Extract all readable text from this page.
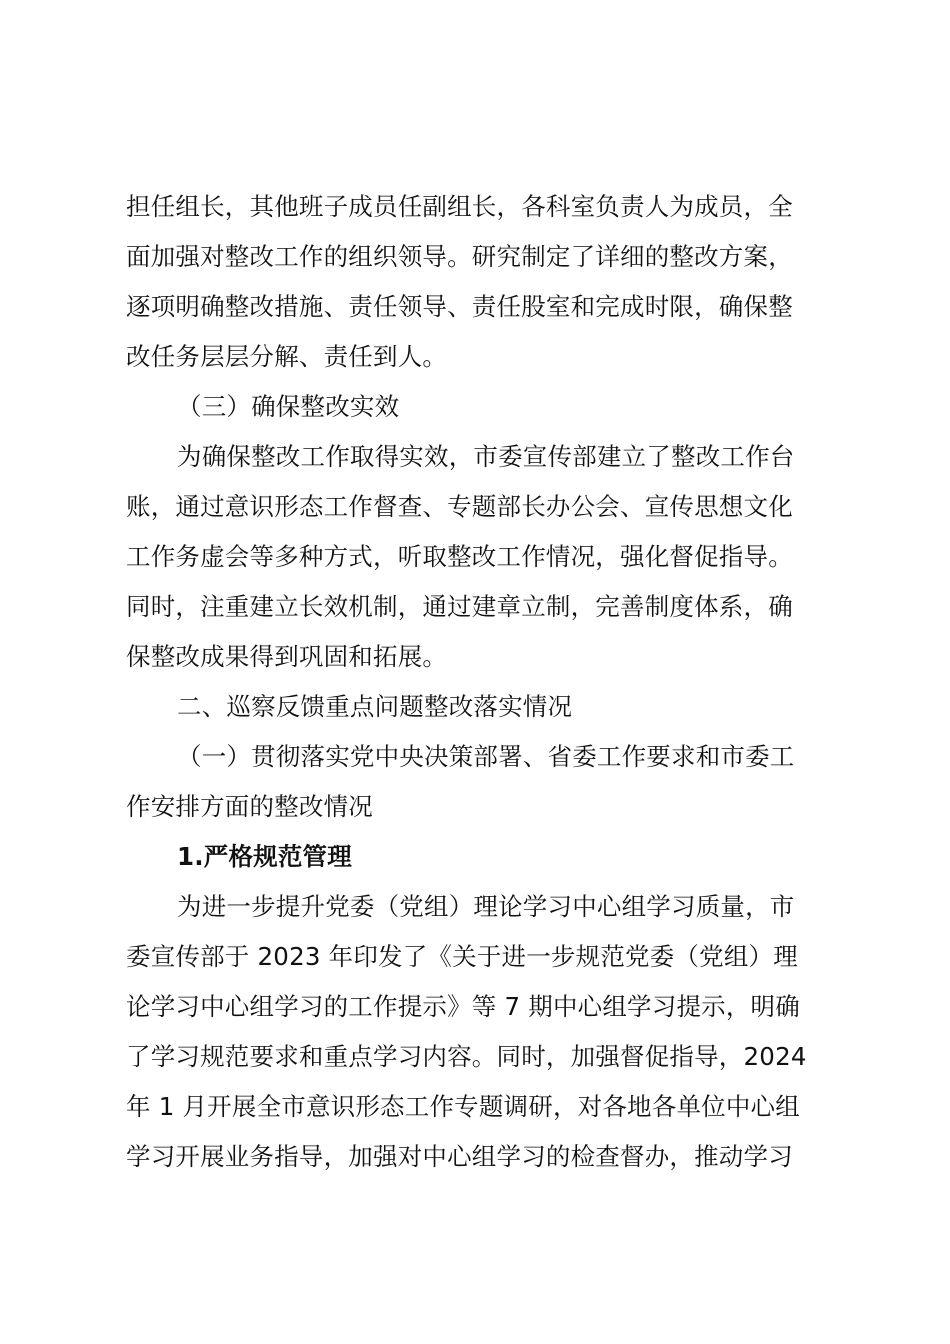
担任组长，其他班子成员任副组长，各科室负责人为成员，全
面加强对整改工作的组织领导。研究制定了详细的整改方案，
逐项明确整改措施、责任领导、责任股室和完成时限，确保整
改任务层层分解、责任到人。
（三）确保整改实效
为确保整改工作取得实效，市委宣传部建立了整改工作台
账，通过意识形态工作督查、专题部长办公会、宣传思想文化
工作务虚会等多种方式，听取整改工作情况，强化督促指导。
同时，注重建立长效机制，通过建章立制，完善制度体系，确
保整改成果得到巩固和拓展。
二、巡察反馈重点问题整改落实情况
（一）贯彻落实党中央决策部署、省委工作要求和市委工
作安排方面的整改情况
1.严格规范管理
为进一步提升党委（党组）理论学习中心组学习质量，市
委宣传部于 2023 年印发了《关于进一步规范党委（党组）理
论学习中心组学习的工作提示》等 7 期中心组学习提示，明确
了学习规范要求和重点学习内容。同时，加强督促指导，2024
年 1 月开展全市意识形态工作专题调研，对各地各单位中心组
学习开展业务指导，加强对中心组学习的检查督办，推动学习
